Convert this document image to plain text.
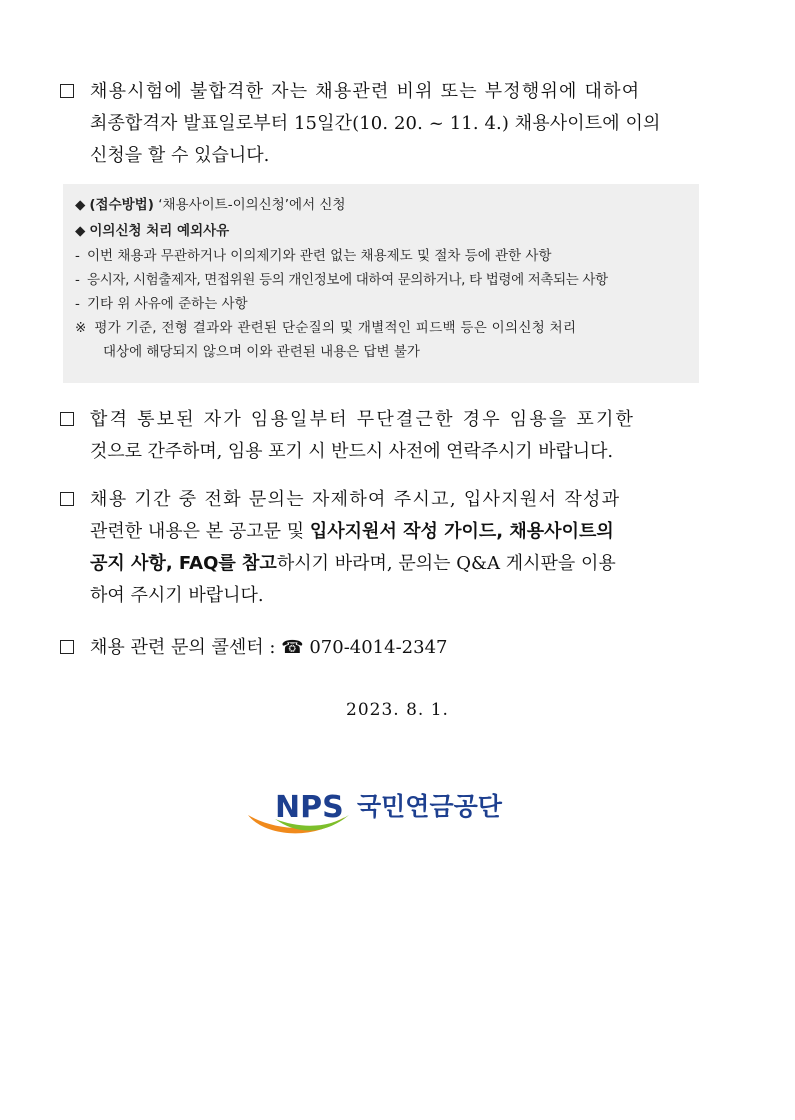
채용시험에 불합격한 자는 채용관련 비위 또는 부정행위에 대하여
최종합격자 발표일로부터 15일간(10. 20. ~ 11. 4.) 채용사이트에 이의
신청을 할 수 있습니다.
◆ (접수방법) ‘채용사이트-이의신청’에서 신청
◆ 이의신청 처리 예외사유
- 이번 채용과 무관하거나 이의제기와 관련 없는 채용제도 및 절차 등에 관한 사항
- 응시자, 시험출제자, 면접위원 등의 개인정보에 대하여 문의하거나, 타 법령에 저촉되는 사항
- 기타 위 사유에 준하는 사항
※ 평가 기준, 전형 결과와 관련된 단순질의 및 개별적인 피드백 등은 이의신청 처리
대상에 해당되지 않으며 이와 관련된 내용은 답변 불가
합격 통보된 자가 임용일부터 무단결근한 경우 임용을 포기한
것으로 간주하며, 임용 포기 시 반드시 사전에 연락주시기 바랍니다.
채용 기간 중 전화 문의는 자제하여 주시고, 입사지원서 작성과
관련한 내용은 본 공고문 및 입사지원서 작성 가이드, 채용사이트의
공지 사항, FAQ를 참고하시기 바라며, 문의는 Q&A 게시판을 이용
하여 주시기 바랍니다.
채용 관련 문의 콜센터 : ☎ 070-4014-2347
2023. 8. 1.
NPS 국민연금공단
